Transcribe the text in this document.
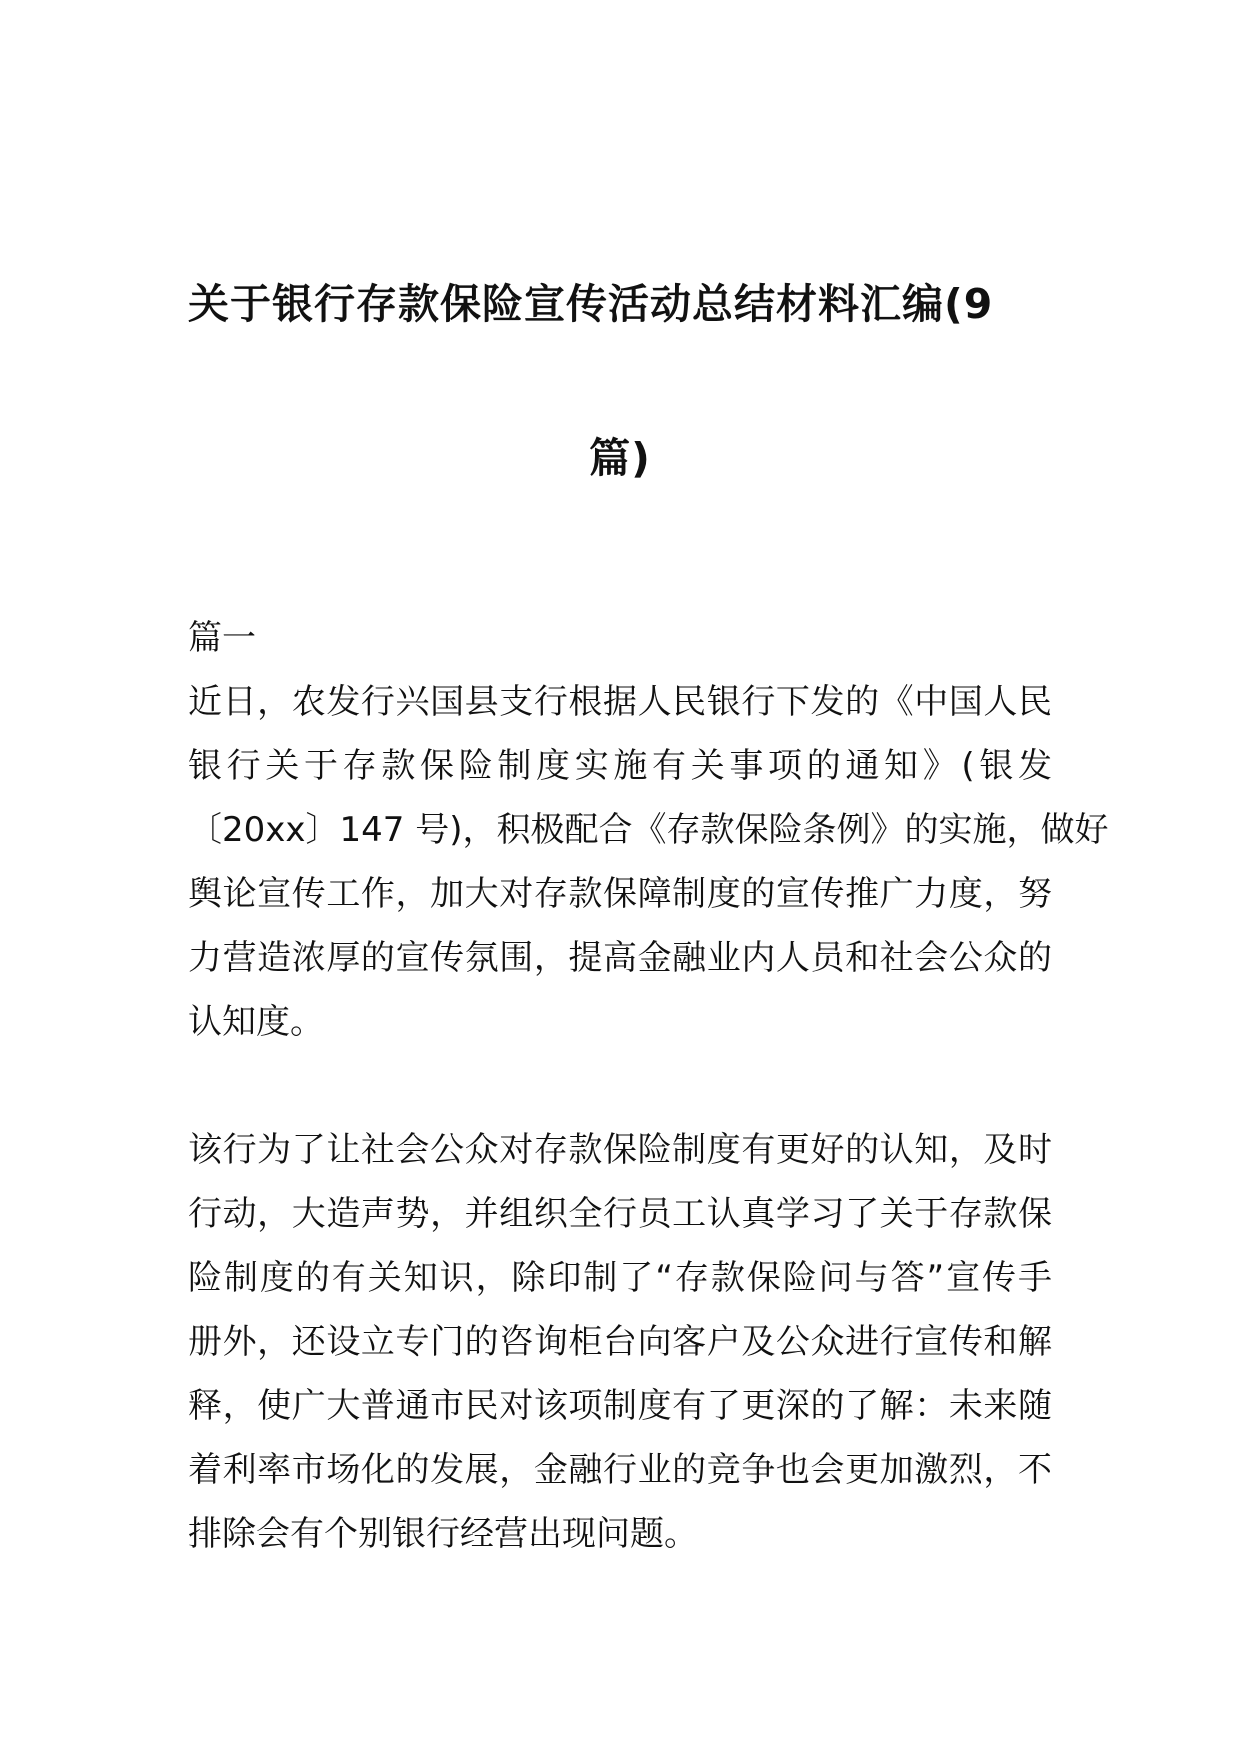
关于银行存款保险宣传活动总结材料汇编(9
篇)
篇一
近日，农发行兴国县支行根据人民银行下发的《中国人民
银行关于存款保险制度实施有关事项的通知》(银发
〔20xx〕147 号)，积极配合《存款保险条例》的实施，做好
舆论宣传工作，加大对存款保障制度的宣传推广力度，努
力营造浓厚的宣传氛围，提高金融业内人员和社会公众的
认知度。
该行为了让社会公众对存款保险制度有更好的认知，及时
行动，大造声势，并组织全行员工认真学习了关于存款保
险制度的有关知识，除印制了“存款保险问与答”宣传手
册外，还设立专门的咨询柜台向客户及公众进行宣传和解
释，使广大普通市民对该项制度有了更深的了解：未来随
着利率市场化的发展，金融行业的竞争也会更加激烈，不
排除会有个别银行经营出现问题。
